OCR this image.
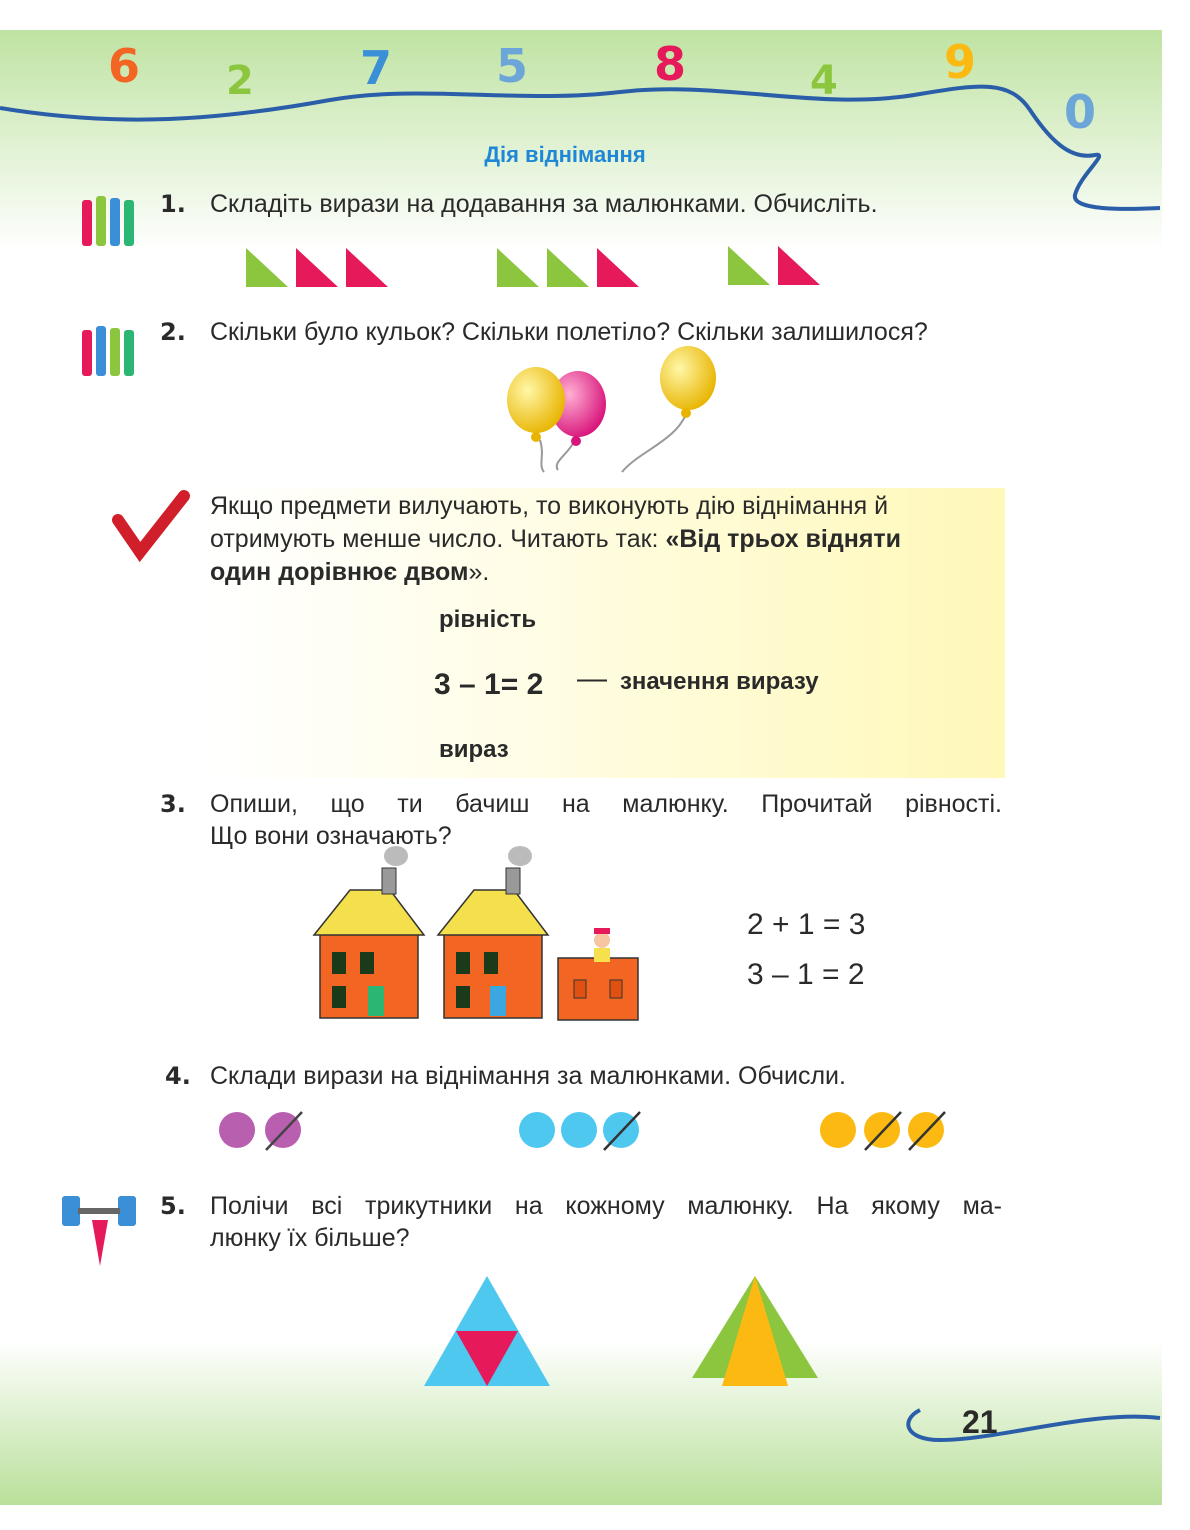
6 2 7 5	8	4 9
0
Дія віднімання
1. Складіть вирази на додавання за малюнками. Обчисліть.
2. Скільки було кульок? Скільки полетіло? Скільки залишилося?
Якщо предмети вилучають, то виконують дію віднімання й
отримують менше число. Читають так: «Від трьох відняти
один дорівнює двом».
рівність
3 – 1= 2 — значення виразу
вираз
3. Опиши, що ти бачиш на малюнку. Прочитай рівності.
Що вони означають?
2 + 1 = 3
3 – 1 = 2
4. Склади вирази на віднімання за малюнками. Обчисли.
5. Полічи всі трикутники на кожному малюнку. На якому ма-
люнку їх більше?
21
